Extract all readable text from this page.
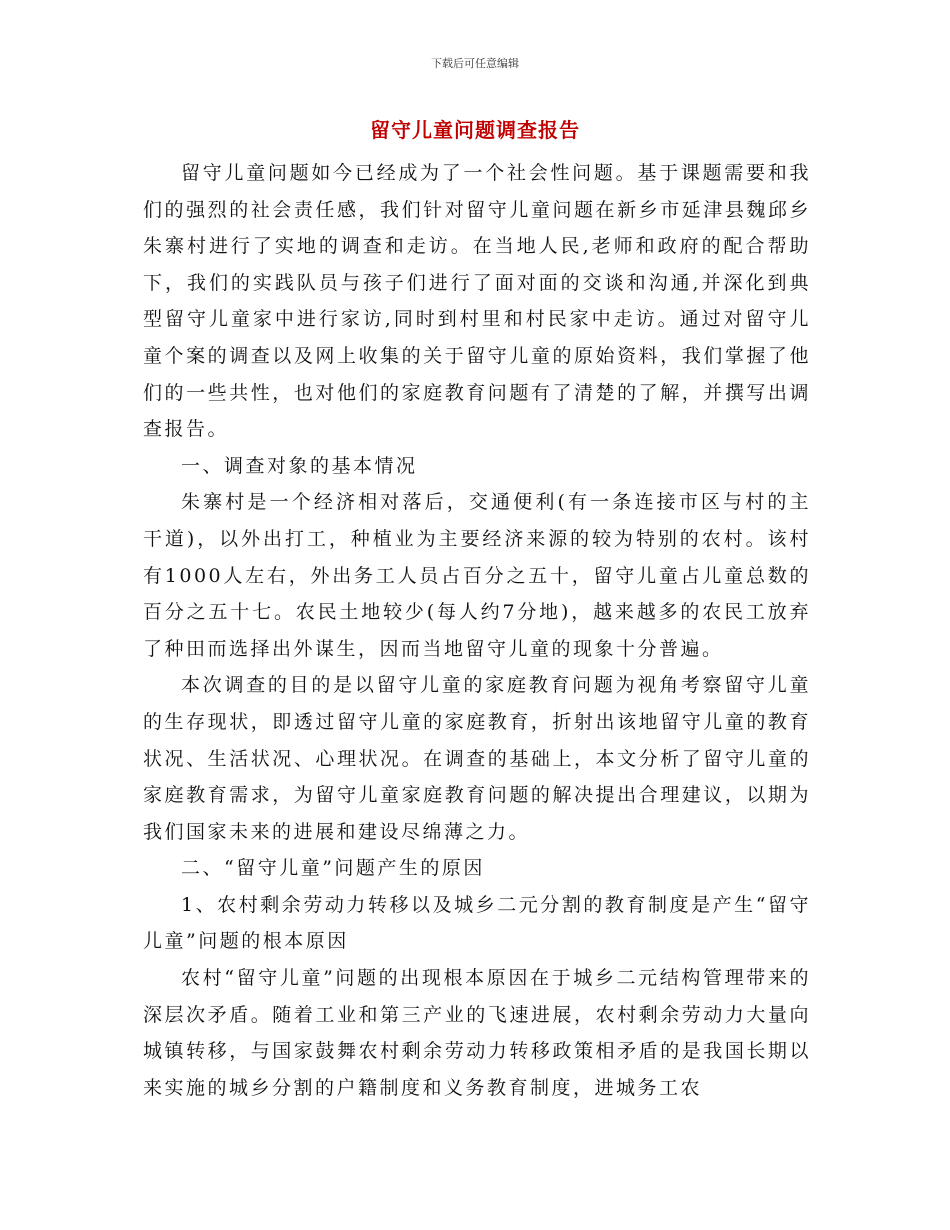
下载后可任意编辑
留守儿童问题调查报告

留守儿童问题如今已经成为了一个社会性问题。基于课题需要和我们的强烈的社会责任感，我们针对留守儿童问题在新乡市延津县魏邱乡朱寨村进行了实地的调查和走访。在当地人民,老师和政府的配合帮助下，我们的实践队员与孩子们进行了面对面的交谈和沟通,并深化到典型留守儿童家中进行家访,同时到村里和村民家中走访。通过对留守儿童个案的调查以及网上收集的关于留守儿童的原始资料，我们掌握了他们的一些共性，也对他们的家庭教育问题有了清楚的了解，并撰写出调查报告。

一、调查对象的基本情况

朱寨村是一个经济相对落后，交通便利(有一条连接市区与村的主干道)，以外出打工，种植业为主要经济来源的较为特别的农村。该村有1000人左右，外出务工人员占百分之五十，留守儿童占儿童总数的百分之五十七。农民土地较少(每人约7分地)，越来越多的农民工放弃了种田而选择出外谋生，因而当地留守儿童的现象十分普遍。

本次调查的目的是以留守儿童的家庭教育问题为视角考察留守儿童的生存现状，即透过留守儿童的家庭教育，折射出该地留守儿童的教育状况、生活状况、心理状况。在调查的基础上，本文分析了留守儿童的家庭教育需求，为留守儿童家庭教育问题的解决提出合理建议，以期为我们国家未来的进展和建设尽绵薄之力。

二、“留守儿童”问题产生的原因

1、农村剩余劳动力转移以及城乡二元分割的教育制度是产生“留守儿童”问题的根本原因

农村“留守儿童”问题的出现根本原因在于城乡二元结构管理带来的深层次矛盾。随着工业和第三产业的飞速进展，农村剩余劳动力大量向城镇转移，与国家鼓舞农村剩余劳动力转移政策相矛盾的是我国长期以来实施的城乡分割的户籍制度和义务教育制度，进城务工农
